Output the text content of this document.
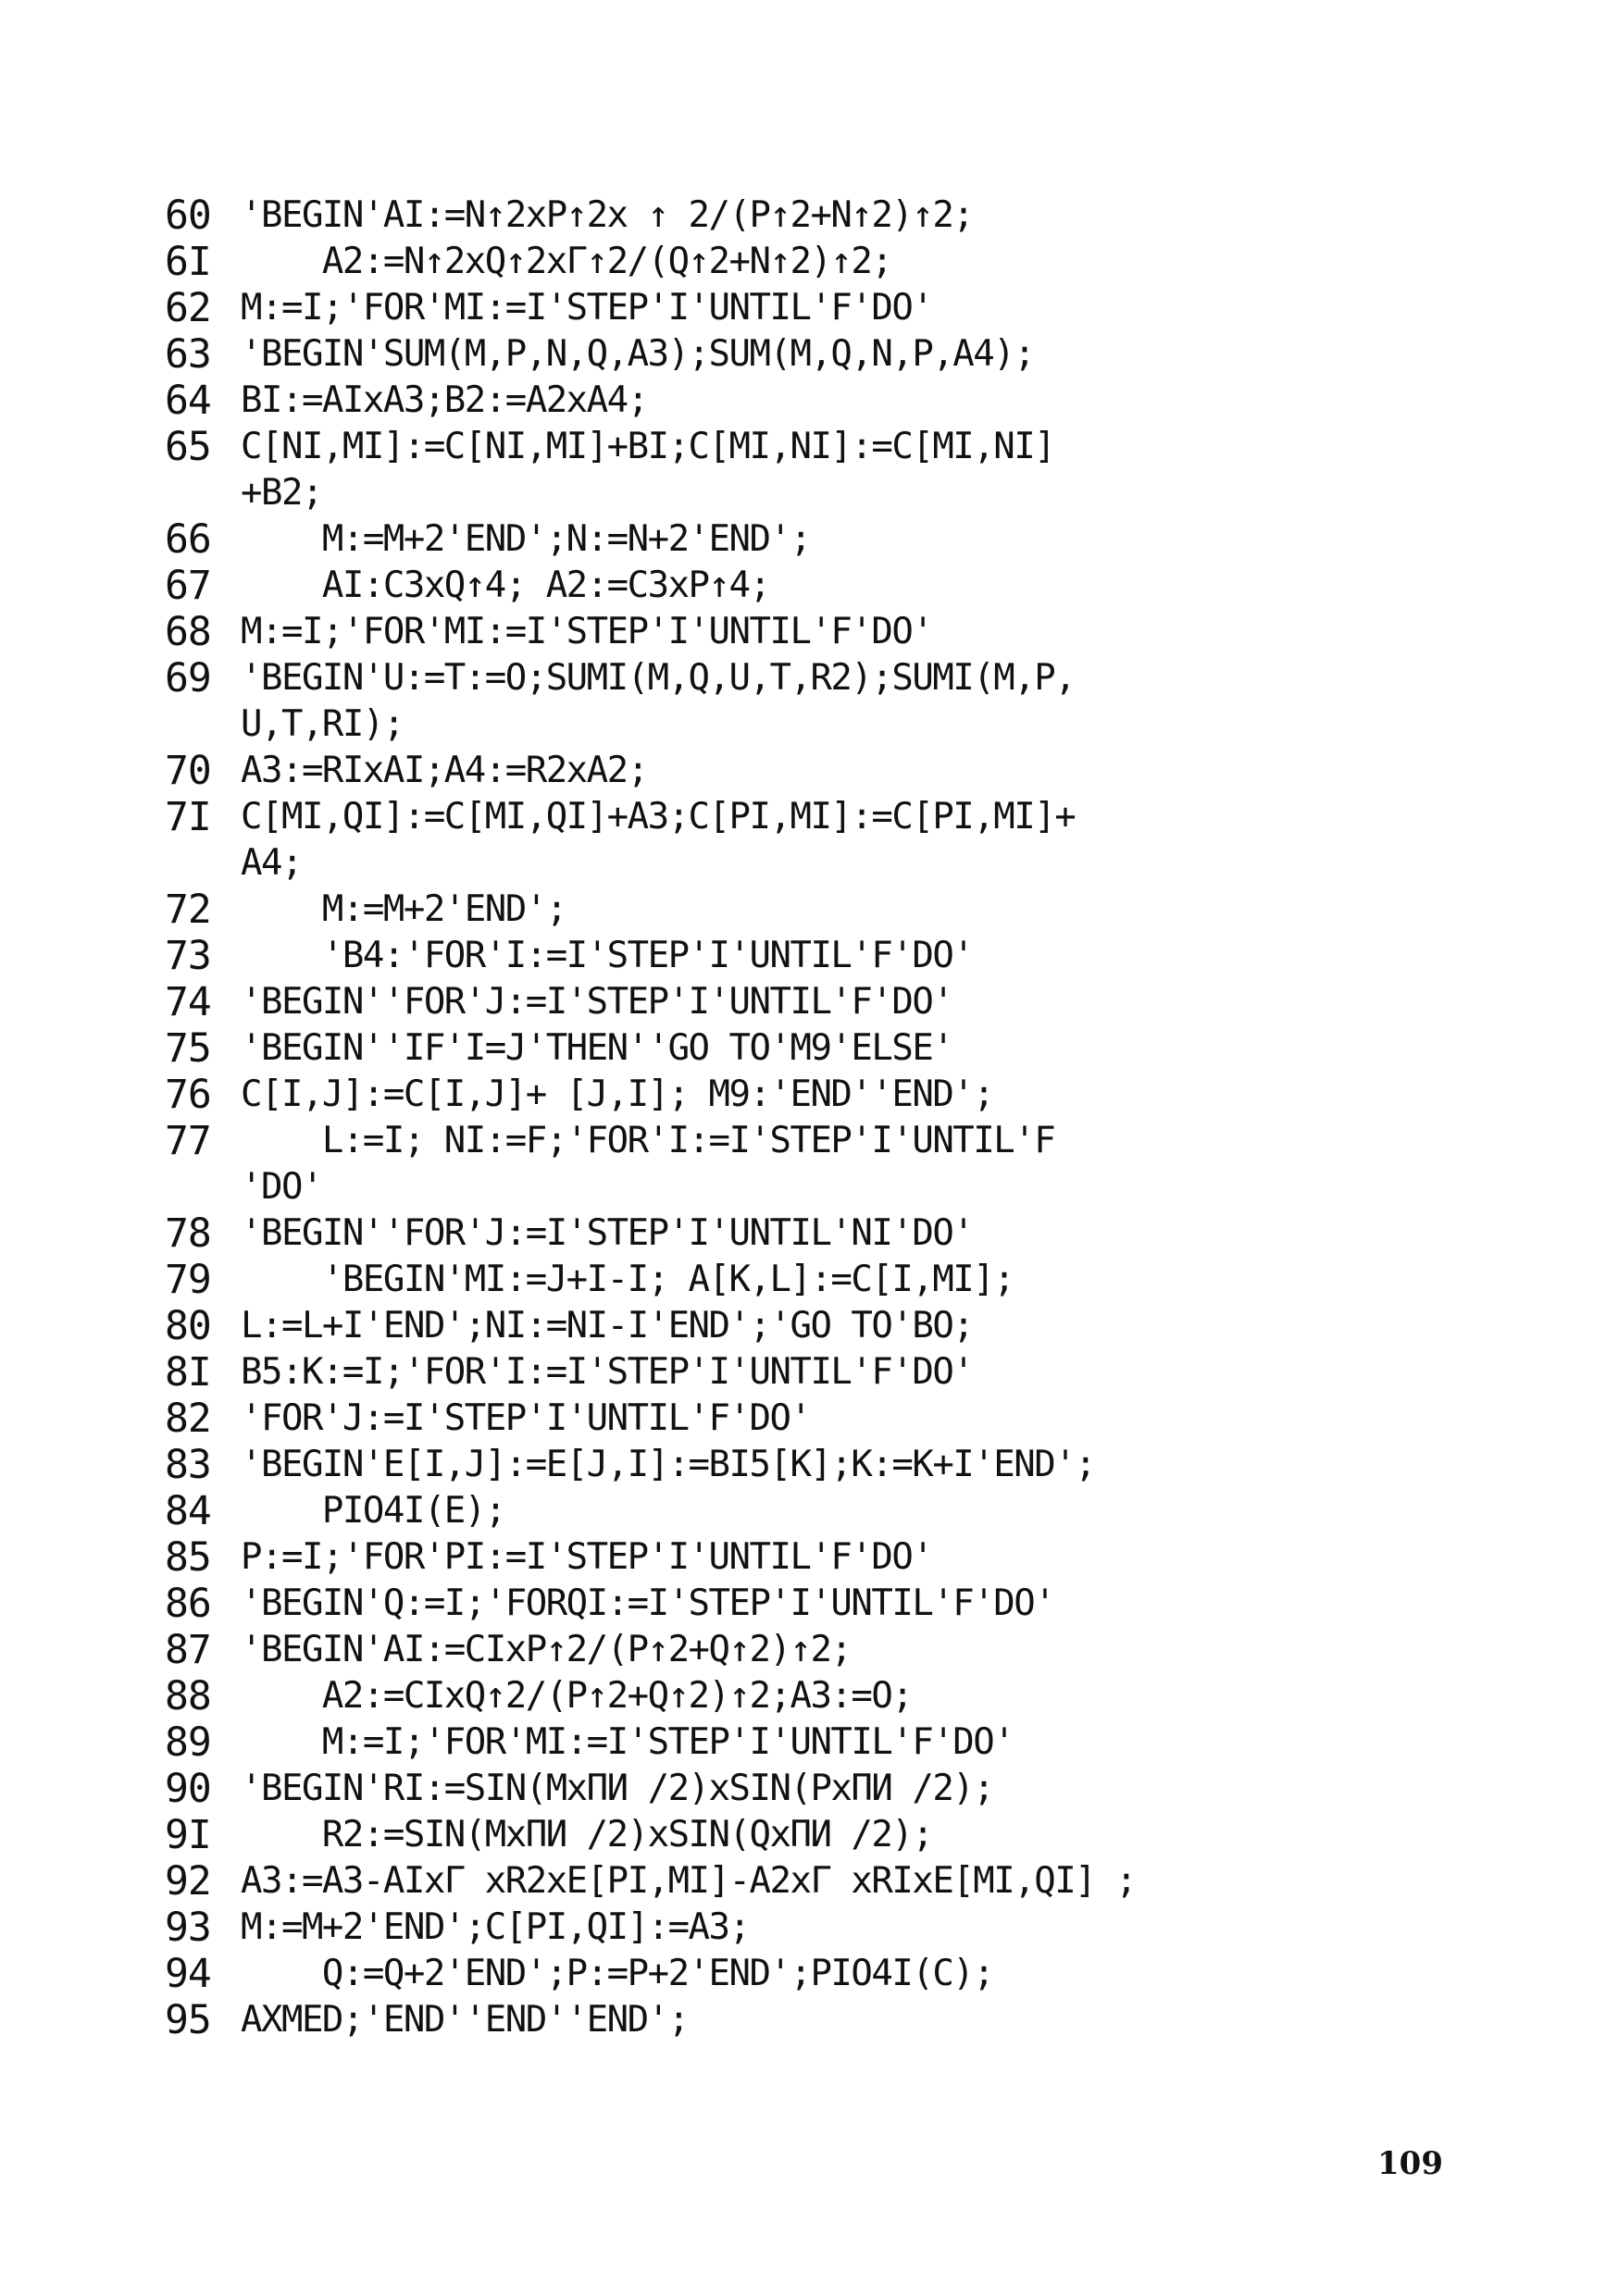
60 'BEGIN'AI:=N↑2xP↑2x ↑ 2/(P↑2+N↑2)↑2;
6I A2:=N↑2xQ↑2xΓ↑2/(Q↑2+N↑2)↑2;
62 M:=I;'FOR'MI:=I'STEP'I'UNTIL'F'DO'
63 'BEGIN'SUM(M,P,N,Q,A3);SUM(M,Q,N,P,A4);
64 BI:=AIxA3;B2:=A2xA4;
65 C[NI,MI]:=C[NI,MI]+BI;C[MI,NI]:=C[MI,NI]
+B2;
66 M:=M+2'END';N:=N+2'END';
67 AI:C3xQ↑4; A2:=C3xP↑4;
68 M:=I;'FOR'MI:=I'STEP'I'UNTIL'F'DO'
69 'BEGIN'U:=T:=O;SUMI(M,Q,U,T,R2);SUMI(M,P,
U,T,RI);
70 A3:=RIxAI;A4:=R2xA2;
7I C[MI,QI]:=C[MI,QI]+A3;C[PI,MI]:=C[PI,MI]+
A4;
72 M:=M+2'END';
73 'B4:'FOR'I:=I'STEP'I'UNTIL'F'DO'
74 'BEGIN''FOR'J:=I'STEP'I'UNTIL'F'DO'
75 'BEGIN''IF'I=J'THEN''GO TO'M9'ELSE'
76 C[I,J]:=C[I,J]+ [J,I]; M9:'END''END';
77	L:=I; NI:=F;'FOR'I:=I'STEP'I'UNTIL'F
'DO'
78 'BEGIN''FOR'J:=I'STEP'I'UNTIL'NI'DO'
79 'BEGIN'MI:=J+I-I; A[K,L]:=C[I,MI];
80 L:=L+I'END';NI:=NI-I'END';'GO TO'BO;
8I B5:K:=I;'FOR'I:=I'STEP'I'UNTIL'F'DO'
82 'FOR'J:=I'STEP'I'UNTIL'F'DO'
83 'BEGIN'E[I,J]:=E[J,I]:=BI5[K];K:=K+I'END';
84 PIO4I(E);
85 P:=I;'FOR'PI:=I'STEP'I'UNTIL'F'DO'
86 'BEGIN'Q:=I;'FORQI:=I'STEP'I'UNTIL'F'DO'
87 'BEGIN'AI:=CIxP↑2/(P↑2+Q↑2)↑2;
88 A2:=CIxQ↑2/(P↑2+Q↑2)↑2;A3:=O;
89 M:=I;'FOR'MI:=I'STEP'I'UNTIL'F'DO'
90 'BEGIN'RI:=SIN(MxПИ /2)xSIN(PxПИ /2);
9I R2:=SIN(MxПИ /2)xSIN(QxПИ /2);
92 A3:=A3-AIxΓ xR2xE[PI,MI]-A2xΓ xRIxE[MI,QI] ;
93 M:=M+2'END';C[PI,QI]:=A3;
94 Q:=Q+2'END';P:=P+2'END';PIO4I(C);
95 AXMED;'END''END''END';
109
